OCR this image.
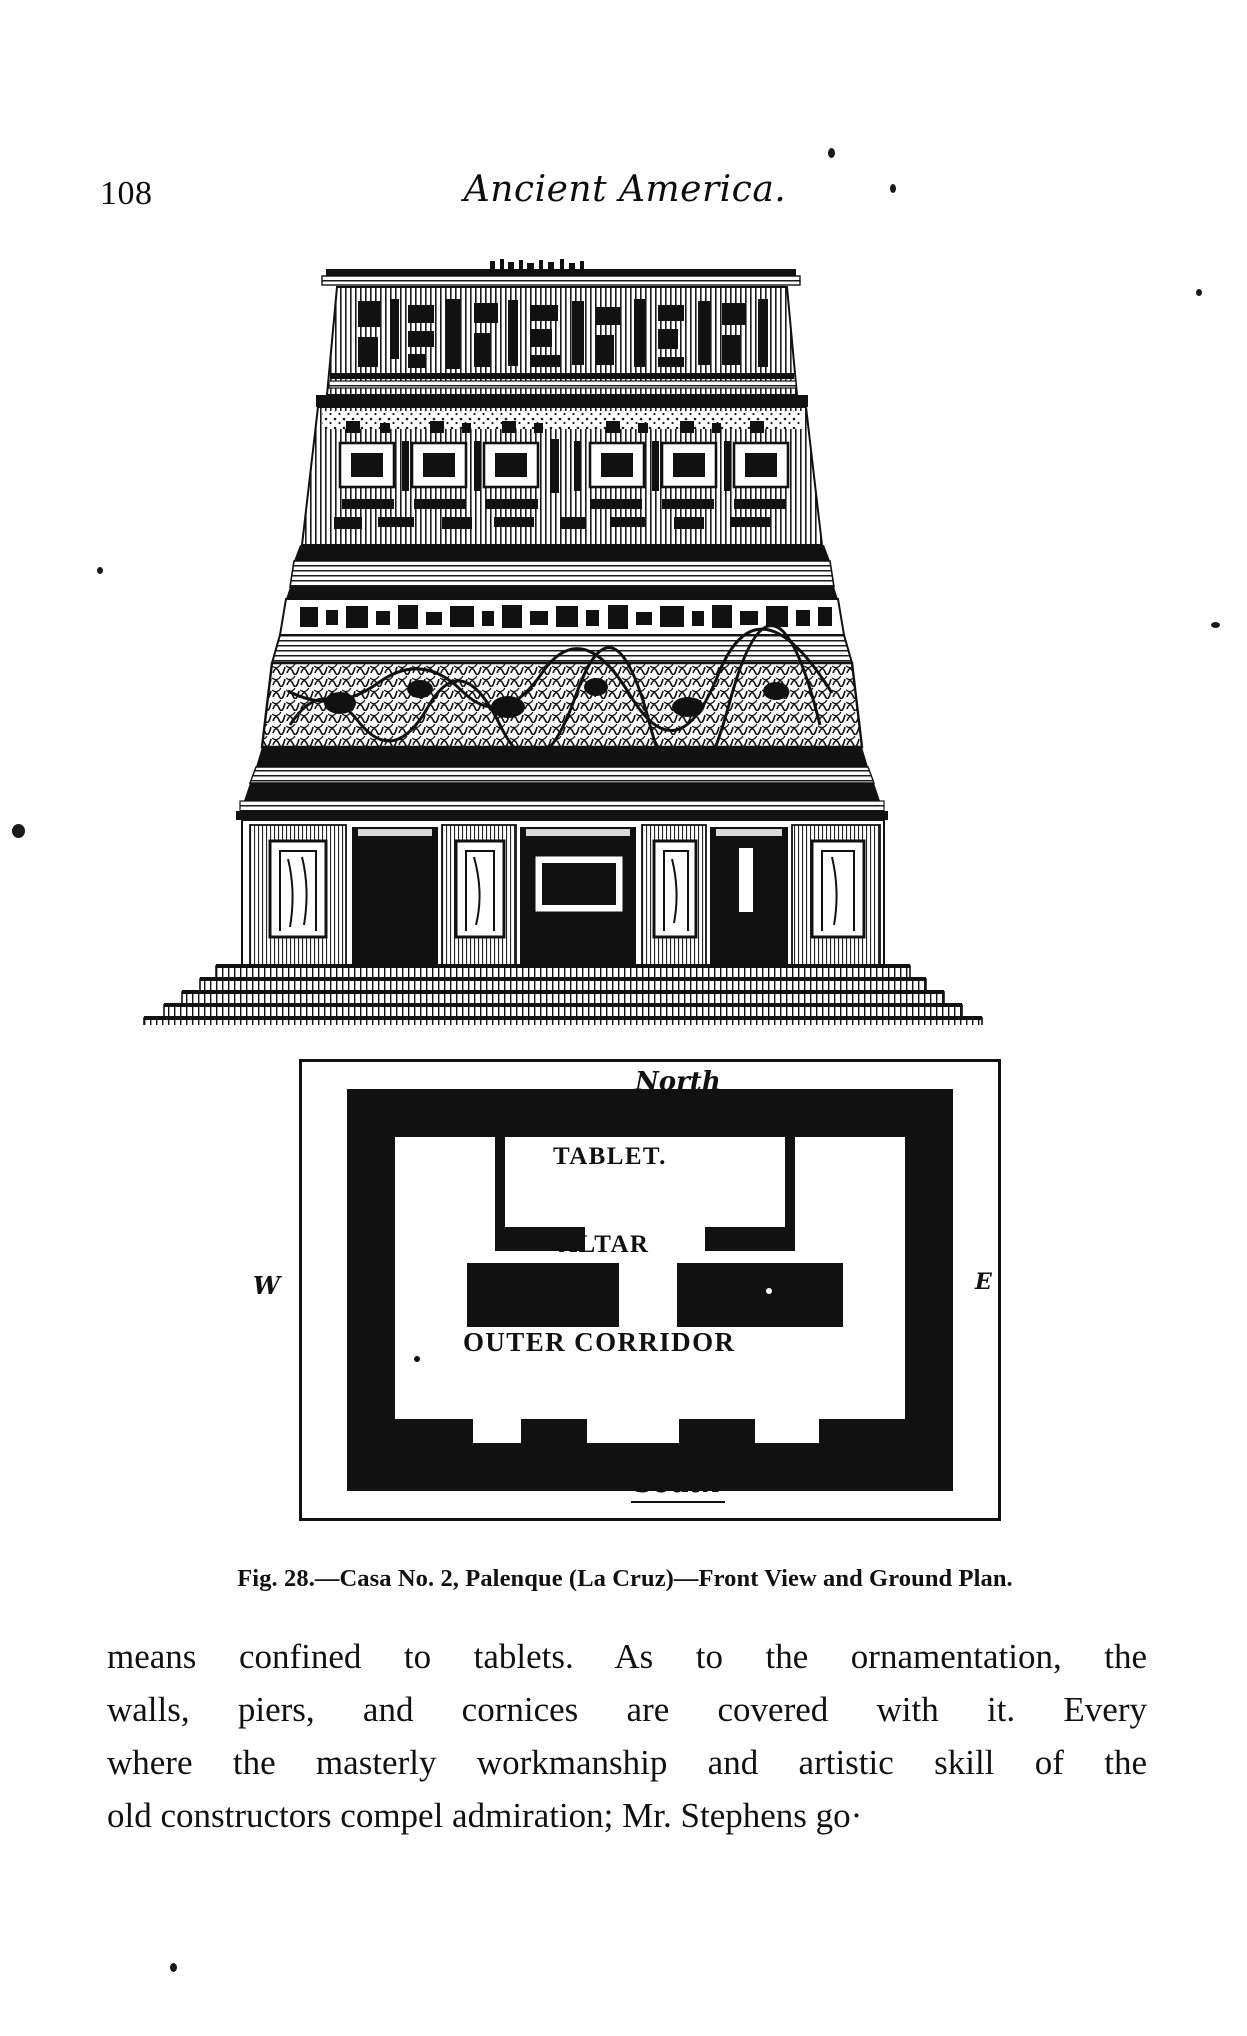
108	Ancient America.
North
South
W	E
TABLET.
ALTAR
OUTER CORRIDOR
Fig. 28.—Casa No. 2, Palenque (La Cruz)—Front View and Ground Plan.

means confined to tablets. As to the ornamentation, the
walls, piers, and cornices are covered with it. Every
where the masterly workmanship and artistic skill of the
old constructors compel admiration; Mr. Stephens go·
